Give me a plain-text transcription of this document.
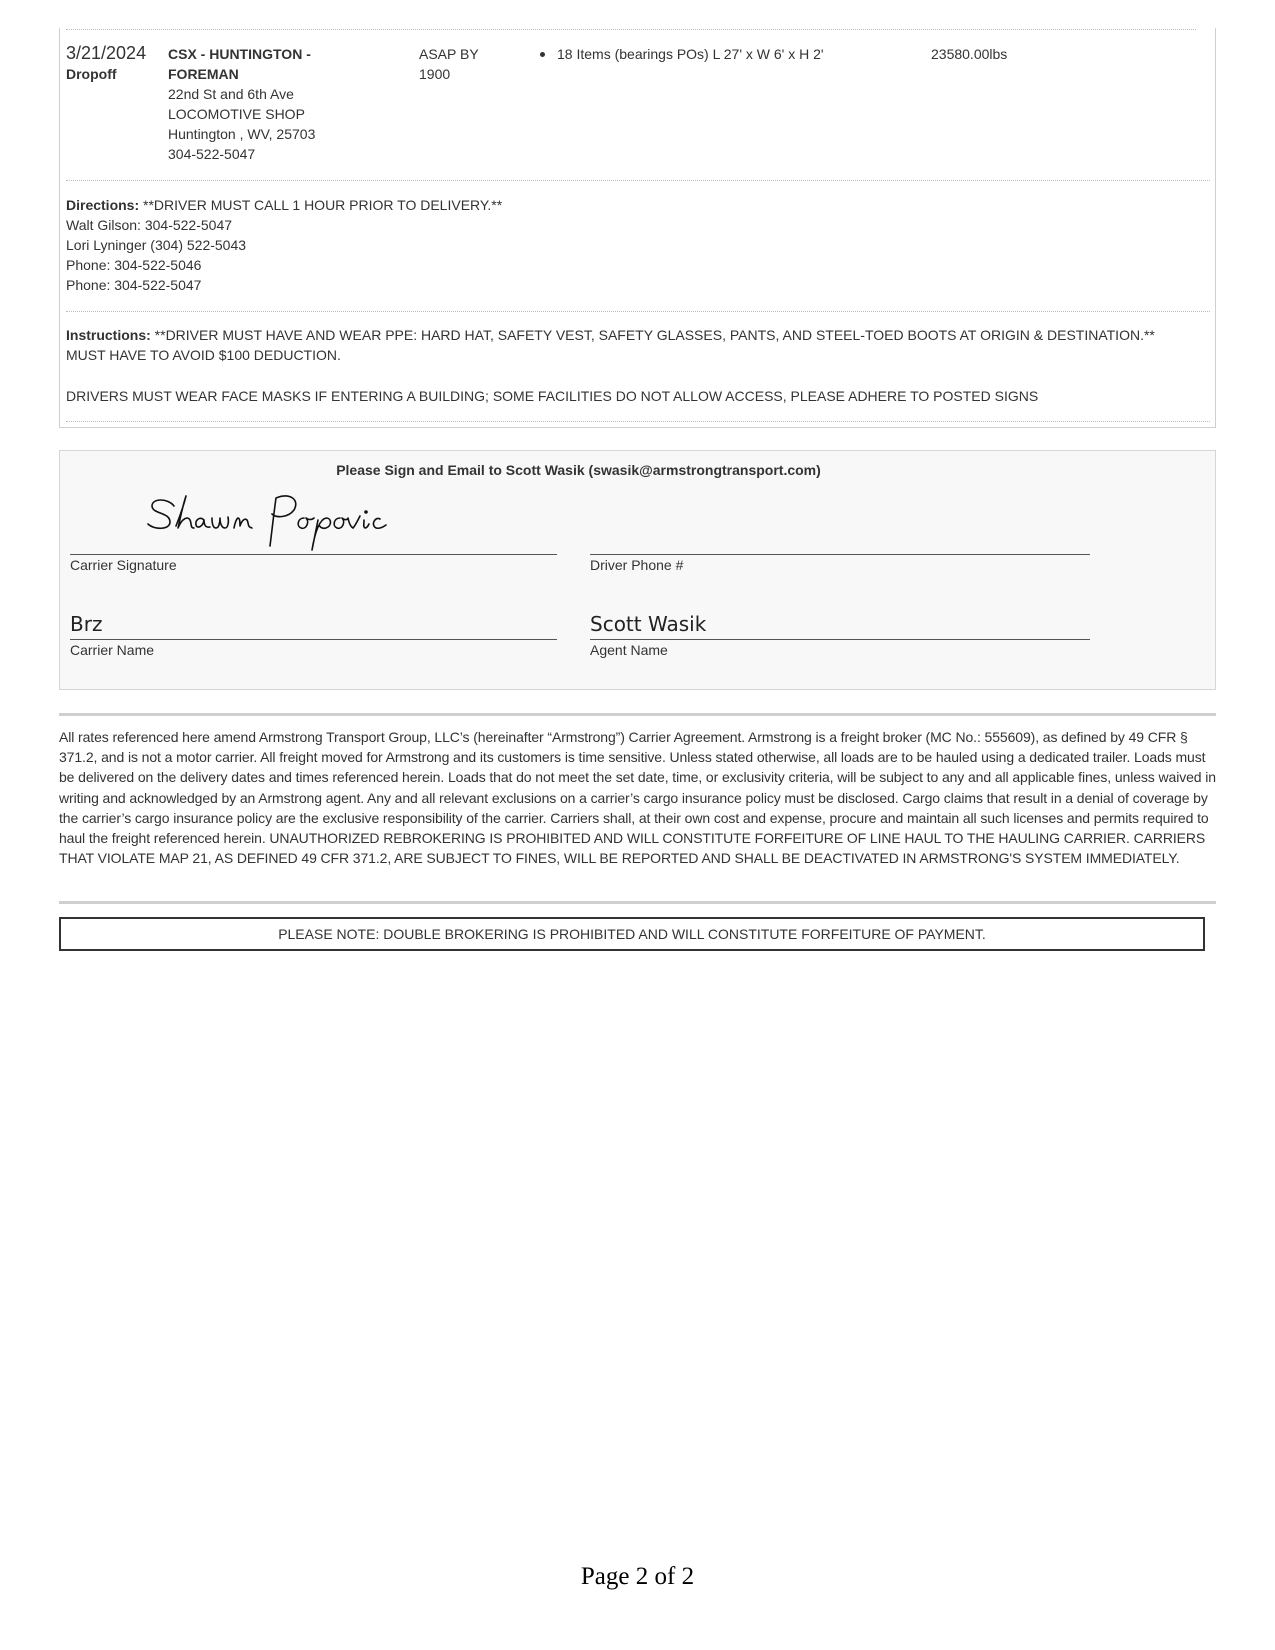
3/21/2024
Dropoff
CSX - HUNTINGTON -
FOREMAN
22nd St and 6th Ave
LOCOMOTIVE SHOP
Huntington , WV, 25703
304-522-5047
ASAP BY
1900
18 Items (bearings POs) L 27' x W 6' x H 2'	23580.00lbs
Directions: **DRIVER MUST CALL 1 HOUR PRIOR TO DELIVERY.**
Walt Gilson: 304-522-5047
Lori Lyninger (304) 522-5043
Phone: 304-522-5046
Phone: 304-522-5047
Instructions: **DRIVER MUST HAVE AND WEAR PPE: HARD HAT, SAFETY VEST, SAFETY GLASSES, PANTS, AND STEEL-TOED BOOTS AT ORIGIN & DESTINATION.**
MUST HAVE TO AVOID $100 DEDUCTION.
DRIVERS MUST WEAR FACE MASKS IF ENTERING A BUILDING; SOME FACILITIES DO NOT ALLOW ACCESS, PLEASE ADHERE TO POSTED SIGNS
Please Sign and Email to Scott Wasik (swasik@armstrongtransport.com)
Carrier Signature	Driver Phone #
Brz
Carrier Name
Scott Wasik
Agent Name
All rates referenced here amend Armstrong Transport Group, LLC’s (hereinafter “Armstrong”) Carrier Agreement. Armstrong is a freight broker (MC No.: 555609), as defined by 49 CFR § 371.2, and is not a motor carrier. All freight moved for Armstrong and its customers is time sensitive. Unless stated otherwise, all loads are to be hauled using a dedicated trailer. Loads must be delivered on the delivery dates and times referenced herein. Loads that do not meet the set date, time, or exclusivity criteria, will be subject to any and all applicable fines, unless waived in writing and acknowledged by an Armstrong agent. Any and all relevant exclusions on a carrier’s cargo insurance policy must be disclosed. Cargo claims that result in a denial of coverage by the carrier’s cargo insurance policy are the exclusive responsibility of the carrier. Carriers shall, at their own cost and expense, procure and maintain all such licenses and permits required to haul the freight referenced herein. UNAUTHORIZED REBROKERING IS PROHIBITED AND WILL CONSTITUTE FORFEITURE OF LINE HAUL TO THE HAULING CARRIER. CARRIERS THAT VIOLATE MAP 21, AS DEFINED 49 CFR 371.2, ARE SUBJECT TO FINES, WILL BE REPORTED AND SHALL BE DEACTIVATED IN ARMSTRONG'S SYSTEM IMMEDIATELY.
PLEASE NOTE: DOUBLE BROKERING IS PROHIBITED AND WILL CONSTITUTE FORFEITURE OF PAYMENT.
Page 2 of 2
